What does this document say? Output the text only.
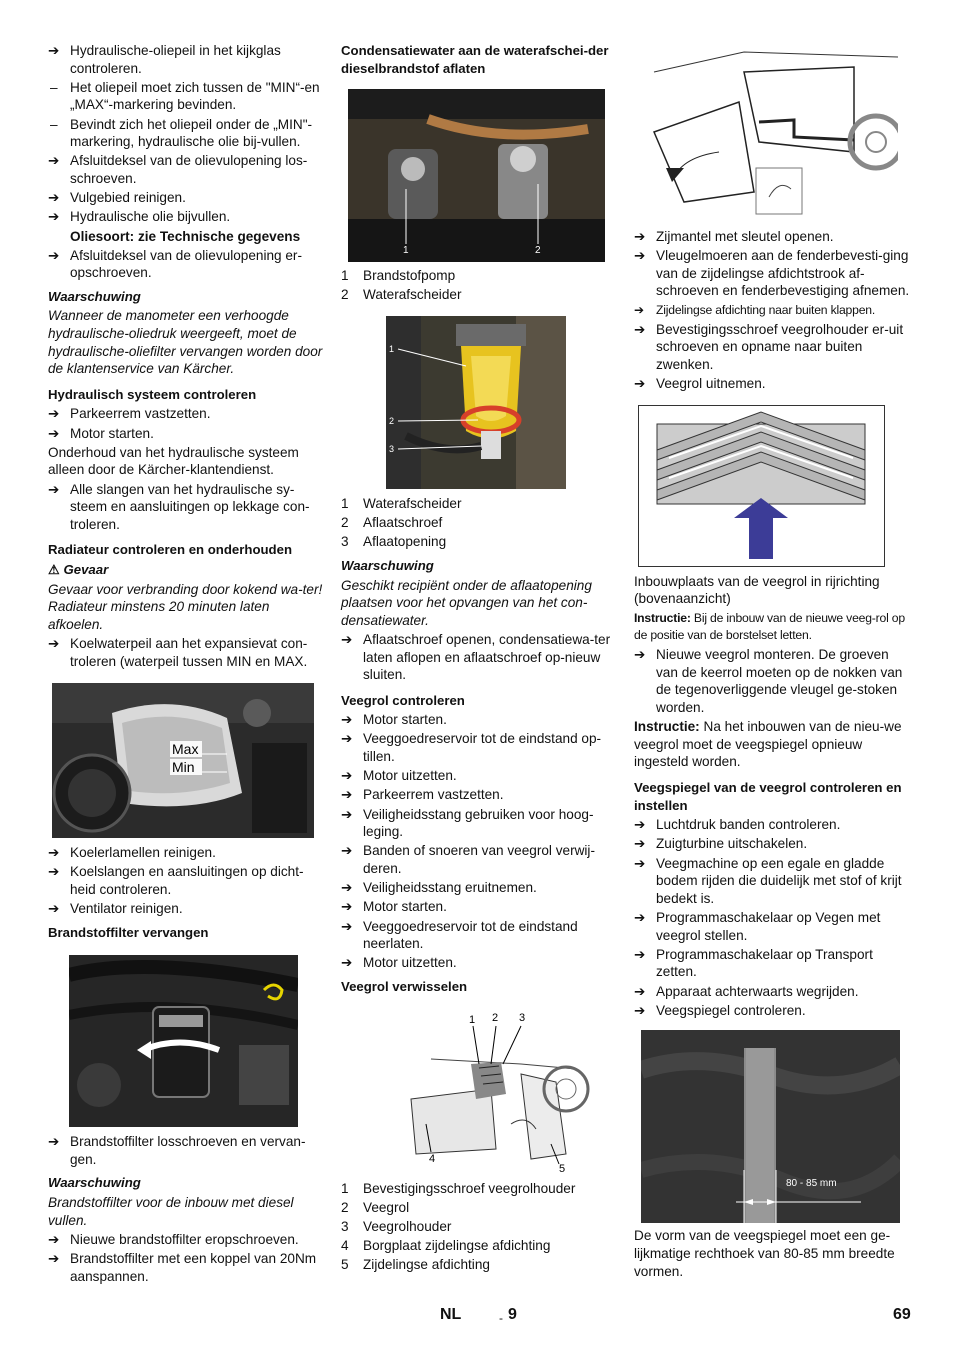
➔ Hydraulische-oliepeil in het kijkglas controleren.
– Het oliepeil moet zich tussen de "MIN“-en „MAX“-markering bevinden.
– Bevindt zich het oliepeil onder de „MIN"-markering, hydraulische olie bij-vullen.
➔ Afsluitdeksel van de olievulopening los-schroeven.
➔ Vulgebied reinigen.
➔ Hydraulische olie bijvullen.
Oliesoort: zie Technische gegevens
➔ Afsluitdeksel van de olievulopening er-opschroeven.
Waarschuwing
Wanneer de manometer een verhoogde hydraulische-oliedruk weergeeft, moet de hydraulische-oliefilter vervangen worden door de klantenservice van Kärcher.
Hydraulisch systeem controleren
➔ Parkeerrem vastzetten.
➔ Motor starten.
Onderhoud van het hydraulische systeem alleen door de Kärcher-klantendienst.
➔ Alle slangen van het hydraulische sy-steem en aansluitingen op lekkage con-troleren.
Radiateur controleren en onderhouden
⚠ Gevaar
Gevaar voor verbranding door kokend wa-ter! Radiateur minstens 20 minuten laten afkoelen.
➔ Koelwaterpeil aan het expansievat con-troleren (waterpeil tussen MIN en MAX.
Max
Min
➔ Koelerlamellen reinigen.
➔ Koelslangen en aansluitingen op dicht-heid controleren.
➔ Ventilator reinigen.
Brandstoffilter vervangen
➔ Brandstoffilter losschroeven en vervan-gen.
Waarschuwing
Brandstoffilter voor de inbouw met diesel vullen.
➔ Nieuwe brandstoffilter eropschroeven.
➔ Brandstoffilter met een koppel van 20Nm aanspannen.
Condensatiewater aan de waterafschei-der dieselbrandstof aflaten
1	2
1 Brandstofpomp
2 Waterafscheider
1
2
3
1 Waterafscheider
2 Aflaatschroef
3 Aflaatopening
Waarschuwing
Geschikt recipiënt onder de aflaatopening plaatsen voor het opvangen van het con-densatiewater.
➔ Aflaatschroef openen, condensatiewa-ter laten aflopen en aflaatschroef op-nieuw sluiten.
Veegrol controleren
➔ Motor starten.
➔ Veeggoedreservoir tot de eindstand op-tillen.
➔ Motor uitzetten.
➔ Parkeerrem vastzetten.
➔ Veiligheidsstang gebruiken voor hoog-leging.
➔ Banden of snoeren van veegrol verwij-deren.
➔ Veiligheidsstang eruitnemen.
➔ Motor starten.
➔ Veeggoedreservoir tot de eindstand neerlaten.
➔ Motor uitzetten.
Veegrol verwisselen
1 2 3
4
5
1 Bevestigingsschroef veegrolhouder
2 Veegrol
3 Veegrolhouder
4 Borgplaat zijdelingse afdichting
5 Zijdelingse afdichting
➔ Zijmantel met sleutel openen.
➔ Vleugelmoeren aan de fenderbevesti-ging van de zijdelingse afdichtstrook af-schroeven en fenderbevestiging afnemen.
➔ Zijdelingse afdichting naar buiten klappen.
➔ Bevestigingsschroef veegrolhouder er-uit schroeven en opname naar buiten zwenken.
➔ Veegrol uitnemen.
Inbouwplaats van de veegrol in rijrichting (bovenaanzicht)
Instructie: Bij de inbouw van de nieuwe veeg-rol op de positie van de borstelset letten.
➔ Nieuwe veegrol monteren. De groeven van de keerrol moeten op de nokken van de tegenoverliggende vleugel ge-stoken worden.
Instructie: Na het inbouwen van de nieu-we veegrol moet de veegspiegel opnieuw ingesteld worden.
Veegspiegel van de veegrol controleren en instellen
➔ Luchtdruk banden controleren.
➔ Zuigturbine uitschakelen.
➔ Veegmachine op een egale en gladde bodem rijden die duidelijk met stof of krijt bedekt is.
➔ Programmaschakelaar op Vegen met veegrol stellen.
➔ Programmaschakelaar op Transport zetten.
➔ Apparaat achterwaarts wegrijden.
➔ Veegspiegel controleren.
80 - 85 mm
De vorm van de veegspiegel moet een ge-lijkmatige rechthoek van 80-85 mm breedte vormen.
NL	- 9	69
